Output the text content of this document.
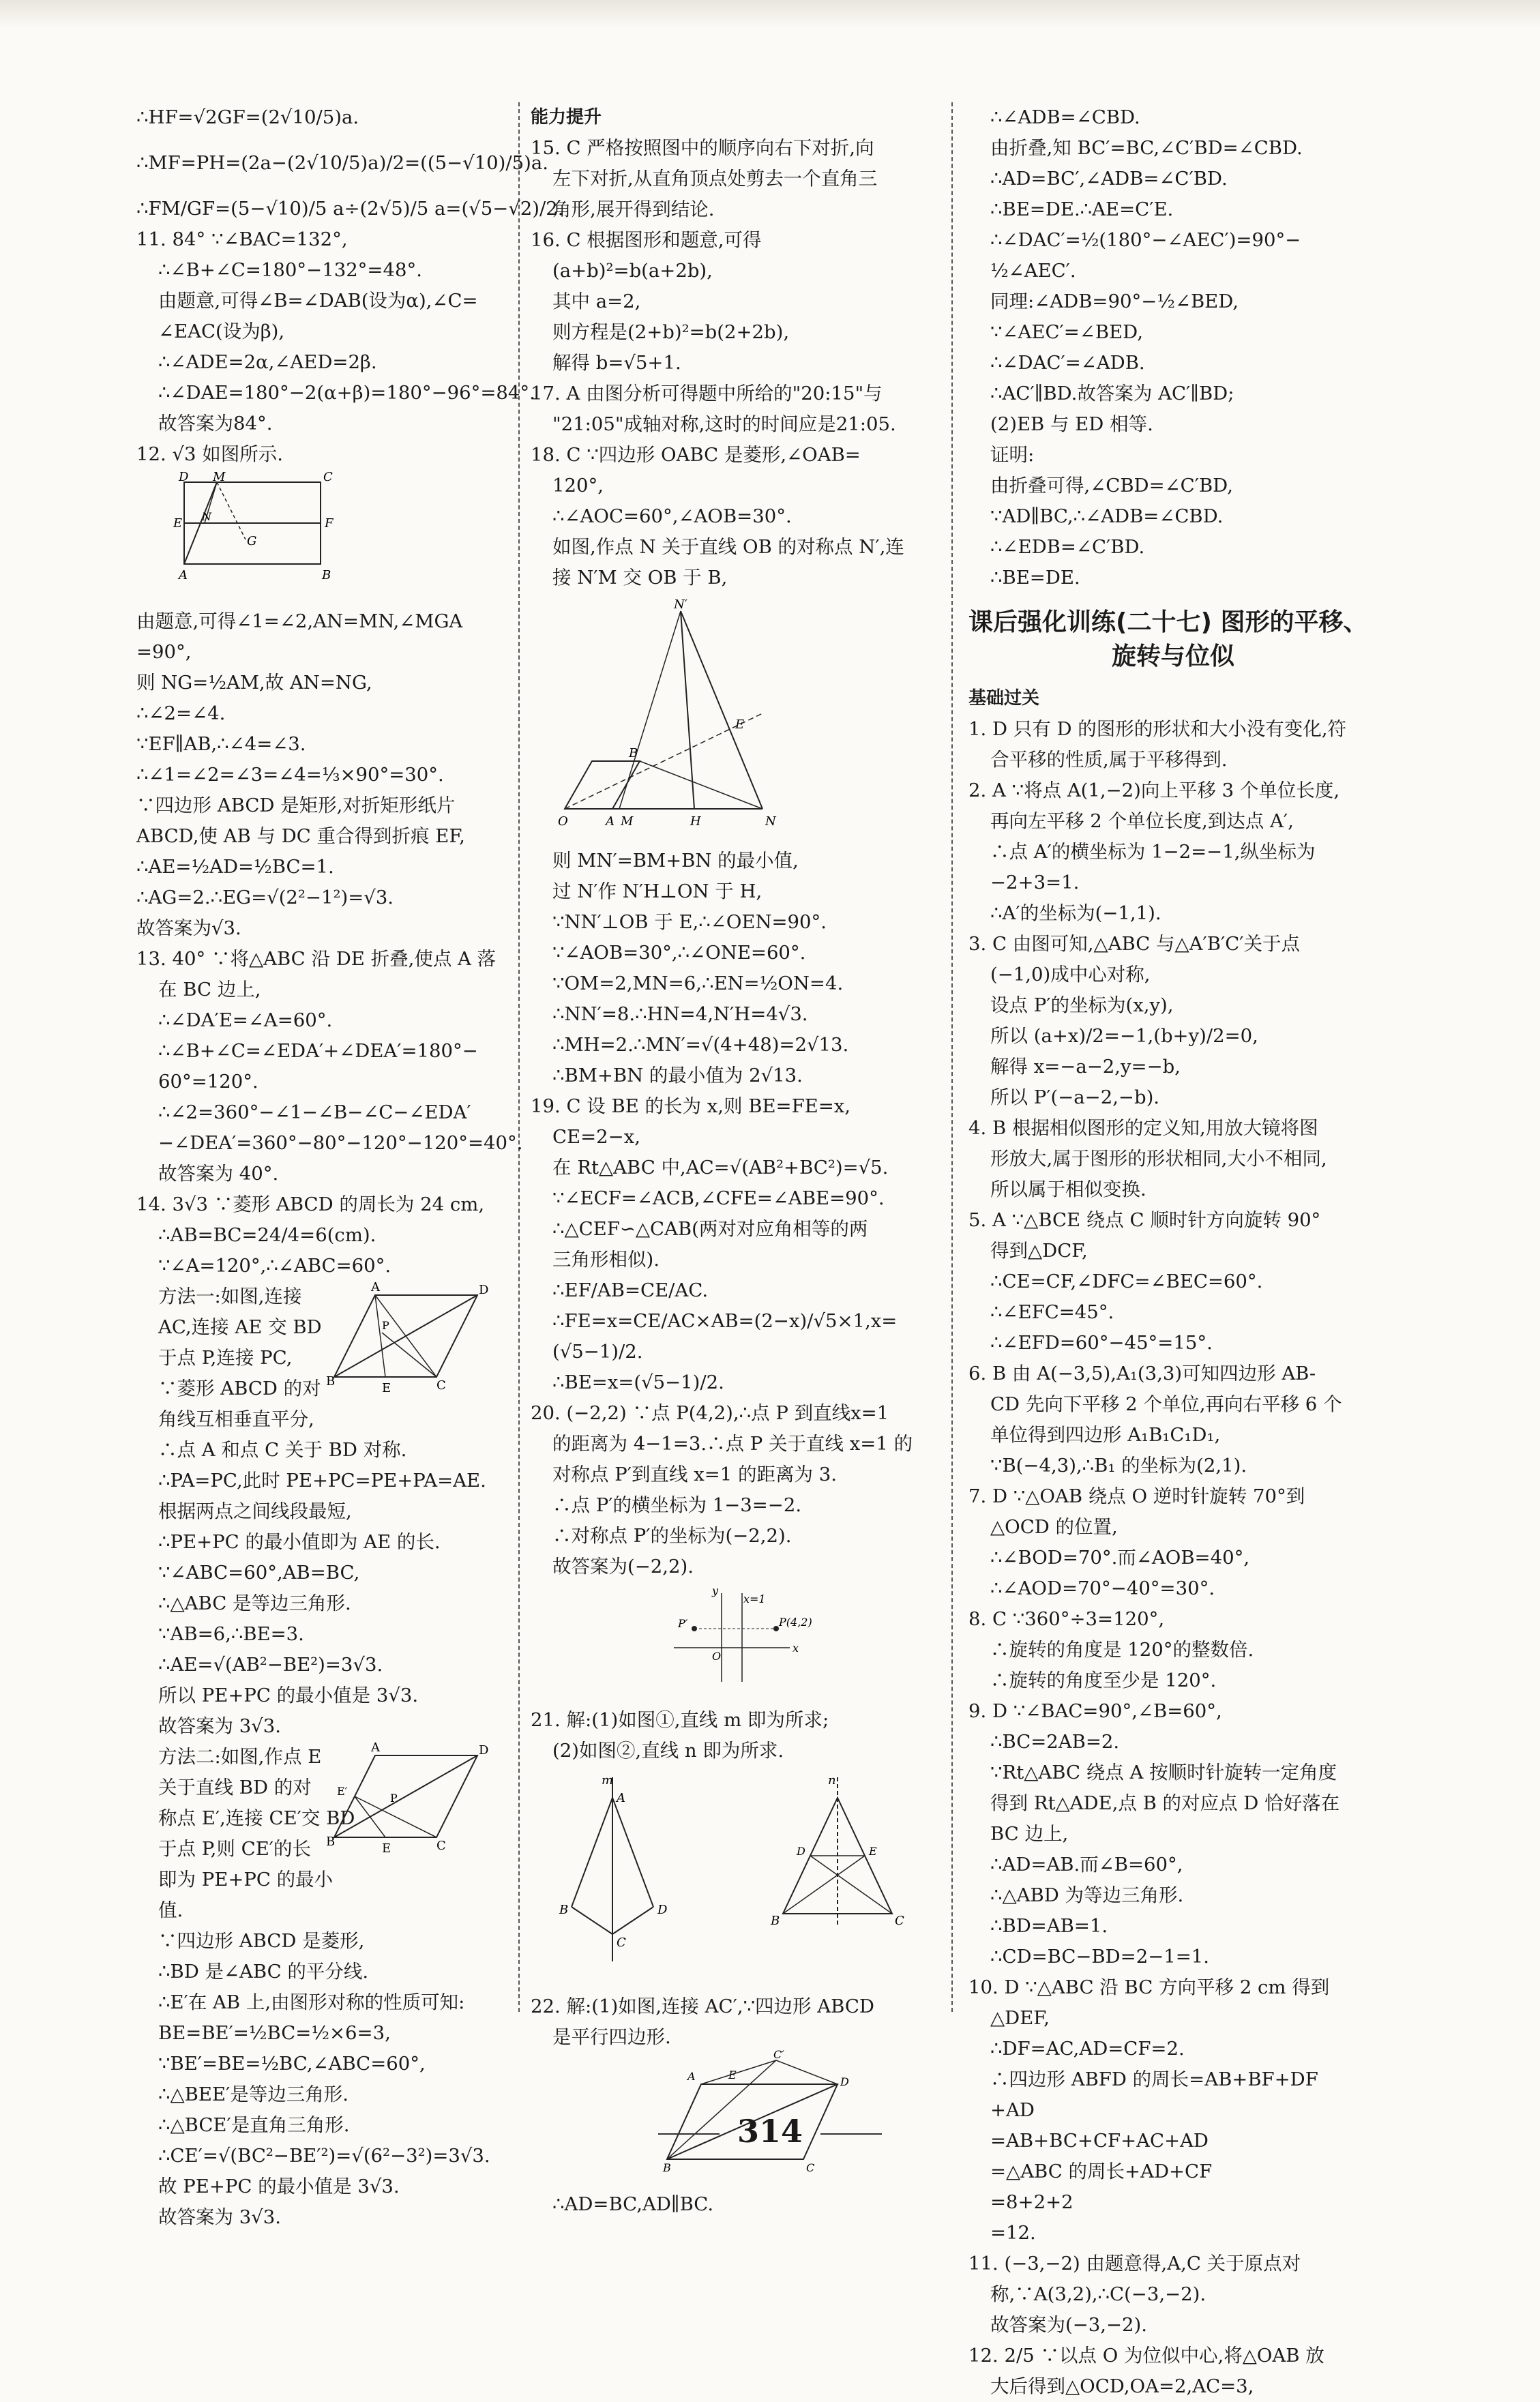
∴HF=√2GF=(2√10/5)a.
∴MF=PH=(2a−(2√10/5)a)/2=((5−√10)/5)a.
∴FM/GF=(5−√10)/5 a÷(2√5)/5 a=(√5−√2)/2.
11. 84° ∵∠BAC=132°,
∴∠B+∠C=180°−132°=48°.
由题意,可得∠B=∠DAB(设为α),∠C=
∠EAC(设为β),
∴∠ADE=2α,∠AED=2β.
∴∠DAE=180°−2(α+β)=180°−96°=84°.
故答案为84°.
12. √3 如图所示.
D M	C
E	F
N
G
A	B
由题意,可得∠1=∠2,AN=MN,∠MGA
=90°,
则 NG=½AM,故 AN=NG,
∴∠2=∠4.
∵EF∥AB,∴∠4=∠3.
∴∠1=∠2=∠3=∠4=⅓×90°=30°.
∵四边形 ABCD 是矩形,对折矩形纸片
ABCD,使 AB 与 DC 重合得到折痕 EF,
∴AE=½AD=½BC=1.
∴AG=2.∴EG=√(2²−1²)=√3.
故答案为√3.
13. 40° ∵将△ABC 沿 DE 折叠,使点 A 落
在 BC 边上,
∴∠DA′E=∠A=60°.
∴∠B+∠C=∠EDA′+∠DEA′=180°−
60°=120°.
∴∠2=360°−∠1−∠B−∠C−∠EDA′
−∠DEA′=360°−80°−120°−120°=40°.
故答案为 40°.
14. 3√3 ∵菱形 ABCD 的周长为 24 cm,
∴AB=BC=24/4=6(cm).
∵∠A=120°,∴∠ABC=60°.
A	D
P
B	C
E
方法一:如图,连接
AC,连接 AE 交 BD
于点 P,连接 PC,
∵菱形 ABCD 的对
角线互相垂直平分,
∴点 A 和点 C 关于 BD 对称.
∴PA=PC,此时 PE+PC=PE+PA=AE.
根据两点之间线段最短,
∴PE+PC 的最小值即为 AE 的长.
∵∠ABC=60°,AB=BC,
∴△ABC 是等边三角形.
∵AB=6,∴BE=3.
∴AE=√(AB²−BE²)=3√3.
所以 PE+PC 的最小值是 3√3.
故答案为 3√3.
A	D
E′
P
B	C
E
方法二:如图,作点 E
关于直线 BD 的对
称点 E′,连接 CE′交 BD
于点 P,则 CE′的长
即为 PE+PC 的最小
值.
∵四边形 ABCD 是菱形,
∴BD 是∠ABC 的平分线.
∴E′在 AB 上,由图形对称的性质可知:
BE=BE′=½BC=½×6=3,
∵BE′=BE=½BC,∠ABC=60°,
∴△BEE′是等边三角形.
∴△BCE′是直角三角形.
∴CE′=√(BC²−BE′²)=√(6²−3²)=3√3.
故 PE+PC 的最小值是 3√3.
故答案为 3√3.
能力提升
15. C 严格按照图中的顺序向右下对折,向
左下对折,从直角顶点处剪去一个直角三
角形,展开得到结论.
16. C 根据图形和题意,可得
(a+b)²=b(a+2b),
其中 a=2,
则方程是(2+b)²=b(2+2b),
解得 b=√5+1.
17. A 由图分析可得题中所给的"20:15"与
"21:05"成轴对称,这时的时间应是21:05.
18. C ∵四边形 OABC 是菱形,∠OAB=
120°,
∴∠AOC=60°,∠AOB=30°.
如图,作点 N 关于直线 OB 的对称点 N′,连
接 N′M 交 OB 于 B,
N′
E
B
O	A M	H	N
则 MN′=BM+BN 的最小值,
过 N′作 N′H⊥ON 于 H,
∵NN′⊥OB 于 E,∴∠OEN=90°.
∵∠AOB=30°,∴∠ONE=60°.
∵OM=2,MN=6,∴EN=½ON=4.
∴NN′=8.∴HN=4,N′H=4√3.
∴MH=2.∴MN′=√(4+48)=2√13.
∴BM+BN 的最小值为 2√13.
19. C 设 BE 的长为 x,则 BE=FE=x,
CE=2−x,
在 Rt△ABC 中,AC=√(AB²+BC²)=√5.
∵∠ECF=∠ACB,∠CFE=∠ABE=90°.
∴△CEF∽△CAB(两对对应角相等的两
三角形相似).
∴EF/AB=CE/AC.
∴FE=x=CE/AC×AB=(2−x)/√5×1,x=
(√5−1)/2.
∴BE=x=(√5−1)/2.
20. (−2,2) ∵点 P(4,2),∴点 P 到直线x=1
的距离为 4−1=3.∴点 P 关于直线 x=1 的
对称点 P′到直线 x=1 的距离为 3.
∴点 P′的横坐标为 1−3=−2.
∴对称点 P′的坐标为(−2,2).
故答案为(−2,2).
y
x=1
P′	P(4,2)
O
x
21. 解:(1)如图①,直线 m 即为所求;
(2)如图②,直线 n 即为所求.
m
A
B	D
C
n
D	E
B	C
22. 解:(1)如图,连接 AC′,∵四边形 ABCD
是平行四边形.
A	E
C′
D
B	C
∴AD=BC,AD∥BC.
∴∠ADB=∠CBD.
由折叠,知 BC′=BC,∠C′BD=∠CBD.
∴AD=BC′,∠ADB=∠C′BD.
∴BE=DE.∴AE=C′E.
∴∠DAC′=½(180°−∠AEC′)=90°−
½∠AEC′.
同理:∠ADB=90°−½∠BED,
∵∠AEC′=∠BED,
∴∠DAC′=∠ADB.
∴AC′∥BD.故答案为 AC′∥BD;
(2)EB 与 ED 相等.
证明:
由折叠可得,∠CBD=∠C′BD,
∵AD∥BC,∴∠ADB=∠CBD.
∴∠EDB=∠C′BD.
∴BE=DE.
课后强化训练(二十七) 图形的平移、
旋转与位似
基础过关
1. D 只有 D 的图形的形状和大小没有变化,符
合平移的性质,属于平移得到.
2. A ∵将点 A(1,−2)向上平移 3 个单位长度,
再向左平移 2 个单位长度,到达点 A′,
∴点 A′的横坐标为 1−2=−1,纵坐标为
−2+3=1.
∴A′的坐标为(−1,1).
3. C 由图可知,△ABC 与△A′B′C′关于点
(−1,0)成中心对称,
设点 P′的坐标为(x,y),
所以 (a+x)/2=−1,(b+y)/2=0,
解得 x=−a−2,y=−b,
所以 P′(−a−2,−b).
4. B 根据相似图形的定义知,用放大镜将图
形放大,属于图形的形状相同,大小不相同,
所以属于相似变换.
5. A ∵△BCE 绕点 C 顺时针方向旋转 90°
得到△DCF,
∴CE=CF,∠DFC=∠BEC=60°.
∴∠EFC=45°.
∴∠EFD=60°−45°=15°.
6. B 由 A(−3,5),A₁(3,3)可知四边形 AB-
CD 先向下平移 2 个单位,再向右平移 6 个
单位得到四边形 A₁B₁C₁D₁,
∵B(−4,3),∴B₁ 的坐标为(2,1).
7. D ∵△OAB 绕点 O 逆时针旋转 70°到
△OCD 的位置,
∴∠BOD=70°.而∠AOB=40°,
∴∠AOD=70°−40°=30°.
8. C ∵360°÷3=120°,
∴旋转的角度是 120°的整数倍.
∴旋转的角度至少是 120°.
9. D ∵∠BAC=90°,∠B=60°,
∴BC=2AB=2.
∵Rt△ABC 绕点 A 按顺时针旋转一定角度
得到 Rt△ADE,点 B 的对应点 D 恰好落在
BC 边上,
∴AD=AB.而∠B=60°,
∴△ABD 为等边三角形.
∴BD=AB=1.
∴CD=BC−BD=2−1=1.
10. D ∵△ABC 沿 BC 方向平移 2 cm 得到
△DEF,
∴DF=AC,AD=CF=2.
∴四边形 ABFD 的周长=AB+BF+DF
+AD
=AB+BC+CF+AC+AD
=△ABC 的周长+AD+CF
=8+2+2
=12.
11. (−3,−2) 由题意得,A,C 关于原点对
称,∵A(3,2),∴C(−3,−2).
故答案为(−3,−2).
12. 2/5 ∵以点 O 为位似中心,将△OAB 放
大后得到△OCD,OA=2,AC=3,
314
